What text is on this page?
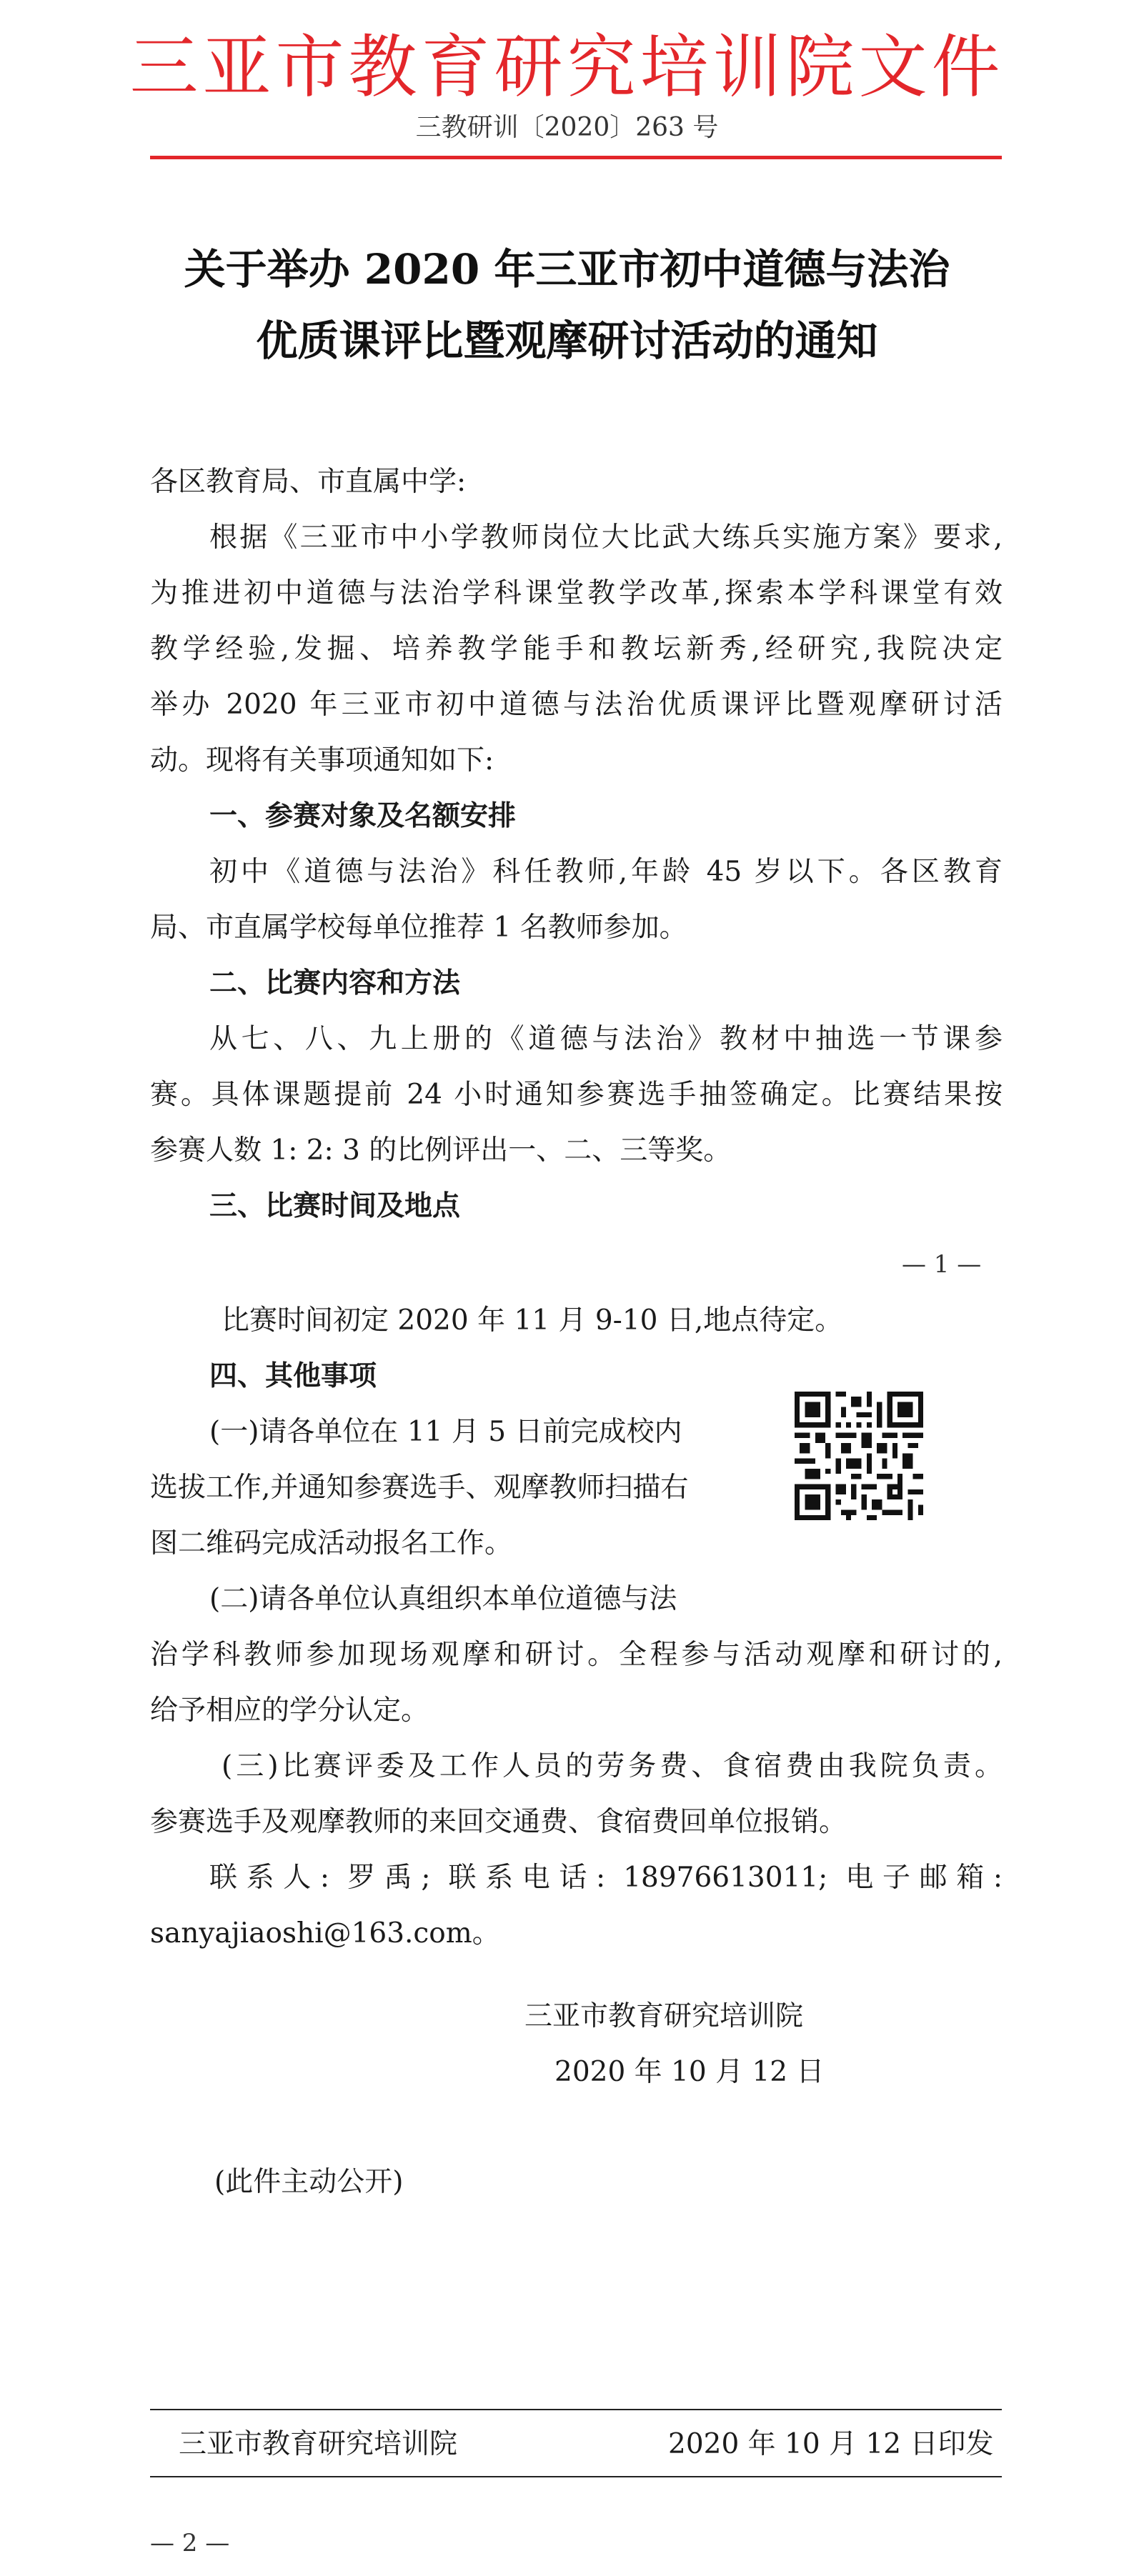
三亚市教育研究培训院文件
三教研训〔2020〕263 号
关于举办 2020 年三亚市初中道德与法治
优质课评比暨观摩研讨活动的通知
各区教育局、市直属中学:
根据《三亚市中小学教师岗位大比武大练兵实施方案》要求,
为推进初中道德与法治学科课堂教学改革,探索本学科课堂有效
教学经验,发掘、培养教学能手和教坛新秀,经研究,我院决定
举办 2020 年三亚市初中道德与法治优质课评比暨观摩研讨活
动。现将有关事项通知如下:
一、参赛对象及名额安排
初中《道德与法治》科任教师,年龄 45 岁以下。各区教育
局、市直属学校每单位推荐 1 名教师参加。
二、比赛内容和方法
从七、八、九上册的《道德与法治》教材中抽选一节课参
赛。具体课题提前 24 小时通知参赛选手抽签确定。比赛结果按
参赛人数 1: 2: 3 的比例评出一、二、三等奖。
三、比赛时间及地点
— 1 —
比赛时间初定 2020 年 11 月 9-10 日,地点待定。
四、其他事项
(一)请各单位在 11 月 5 日前完成校内
选拔工作,并通知参赛选手、观摩教师扫描右
图二维码完成活动报名工作。
(二)请各单位认真组织本单位道德与法
治学科教师参加现场观摩和研讨。全程参与活动观摩和研讨的,
给予相应的学分认定。
(三)比赛评委及工作人员的劳务费、食宿费由我院负责。
参赛选手及观摩教师的来回交通费、食宿费回单位报销。
联系人: 罗禹; 联系电话: 18976613011; 电子邮箱:
sanyajiaoshi@163.com。
三亚市教育研究培训院
2020 年 10 月 12 日
(此件主动公开)
三亚市教育研究培训院	2020 年 10 月 12 日印发
— 2 —
